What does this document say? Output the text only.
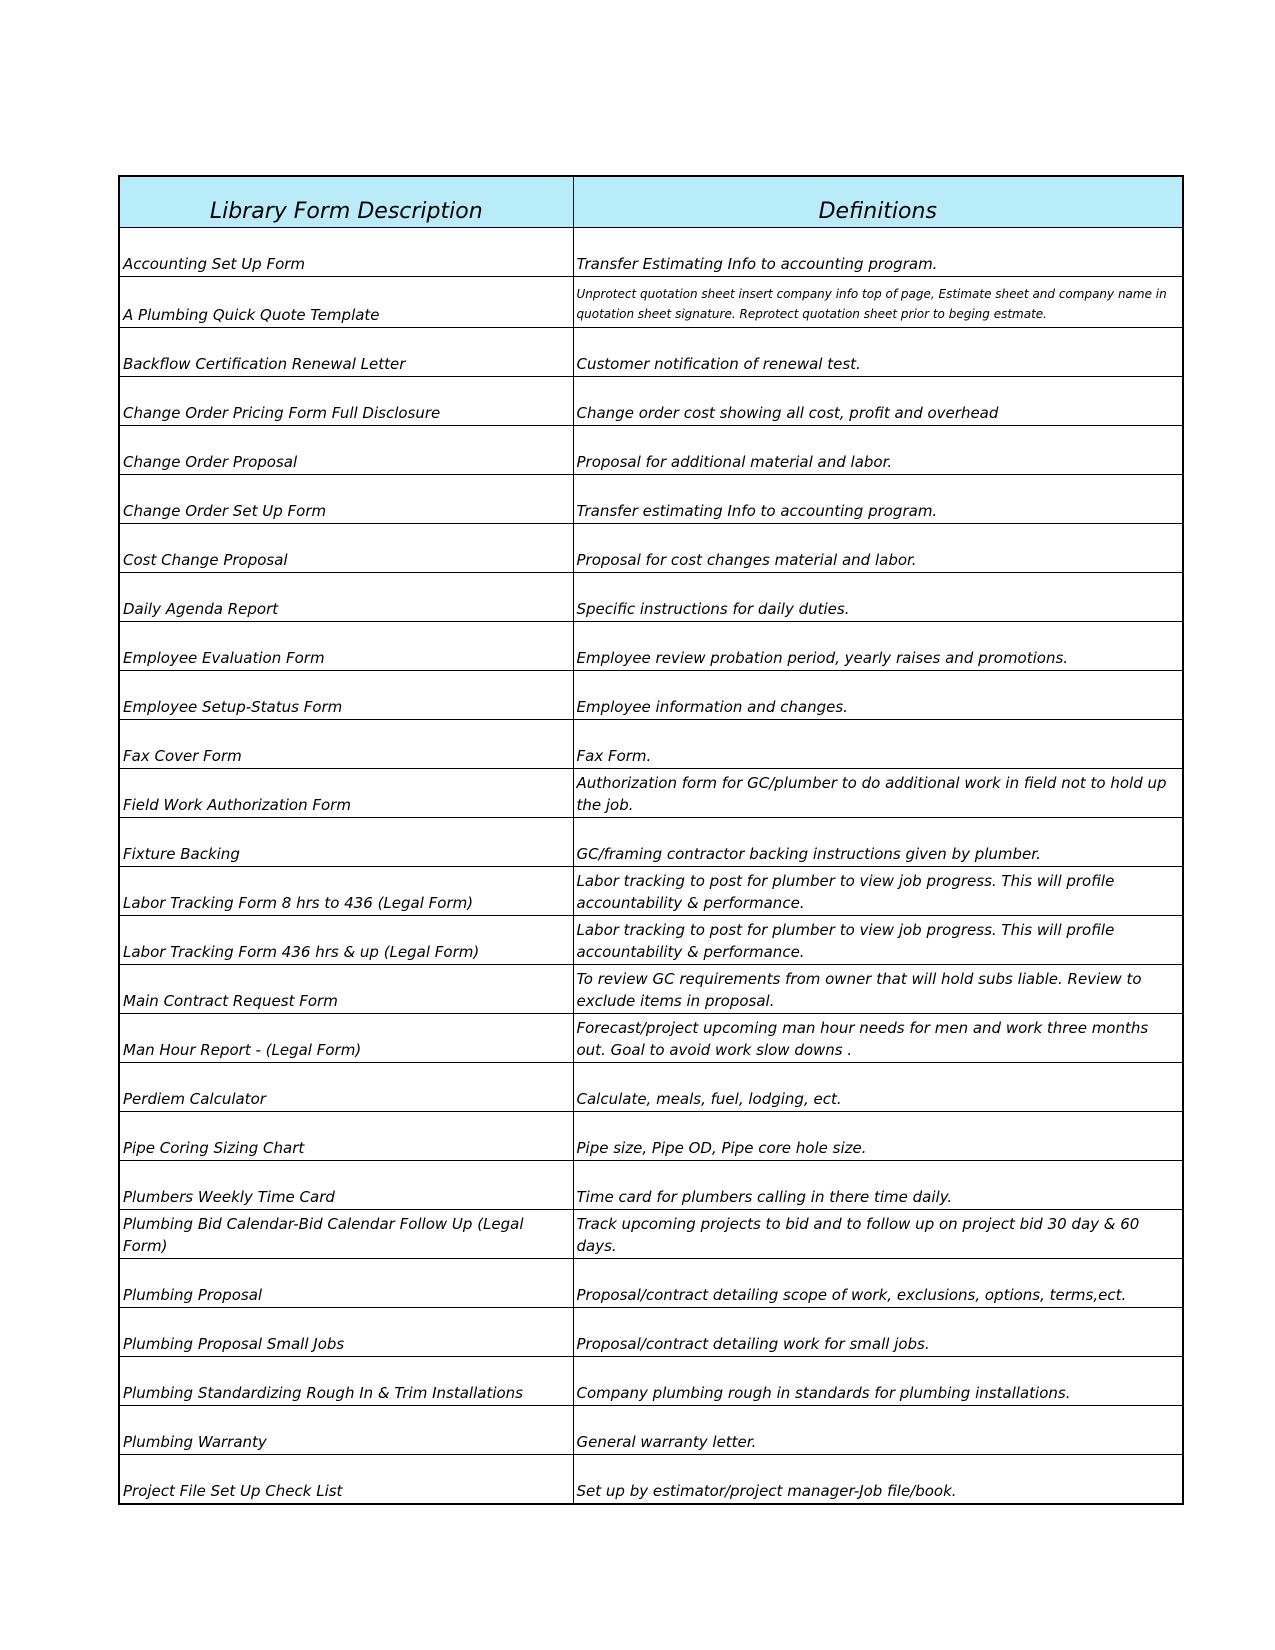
Library Form Description	Definitions
Accounting Set Up Form	Transfer Estimating Info to accounting program.
A Plumbing Quick Quote Template	Unprotect quotation sheet insert company info top of page, Estimate sheet and company name in quotation sheet signature. Reprotect quotation sheet prior to beging estmate.
Backflow Certification Renewal Letter	Customer notification of renewal test.
Change Order Pricing Form Full Disclosure	Change order cost showing all cost, profit and overhead
Change Order Proposal	Proposal for additional material and labor.
Change Order Set Up Form	Transfer estimating Info to accounting program.
Cost Change Proposal	Proposal for cost changes material and labor.
Daily Agenda Report	Specific instructions for daily duties.
Employee Evaluation Form	Employee review probation period, yearly raises and promotions.
Employee Setup-Status Form	Employee information and changes.
Fax Cover Form	Fax Form.
Field Work Authorization Form	Authorization form for GC/plumber to do additional work in field not to hold up the job.
Fixture Backing	GC/framing contractor backing instructions given by plumber.
Labor Tracking Form 8 hrs to 436 (Legal Form)	Labor tracking to post for plumber to view job progress. This will profile accountability & performance.
Labor Tracking Form 436 hrs & up (Legal Form)	Labor tracking to post for plumber to view job progress. This will profile accountability & performance.
Main Contract Request Form	To review GC requirements from owner that will hold subs liable. Review to exclude items in proposal.
Man Hour Report - (Legal Form)	Forecast/project upcoming man hour needs for men and work three months out. Goal to avoid work slow downs .
Perdiem Calculator	Calculate, meals, fuel, lodging, ect.
Pipe Coring Sizing Chart	Pipe size, Pipe OD, Pipe core hole size.
Plumbers Weekly Time Card	Time card for plumbers calling in there time daily.
Plumbing Bid Calendar-Bid Calendar Follow Up (Legal Form)	Track upcoming projects to bid and to follow up on project bid 30 day & 60 days.
Plumbing Proposal	Proposal/contract detailing scope of work, exclusions, options, terms,ect.
Plumbing Proposal Small Jobs	Proposal/contract detailing work for small jobs.
Plumbing Standardizing Rough In & Trim Installations	Company plumbing rough in standards for plumbing installations.
Plumbing Warranty	General warranty letter.
Project File Set Up Check List	Set up by estimator/project manager-Job file/book.
